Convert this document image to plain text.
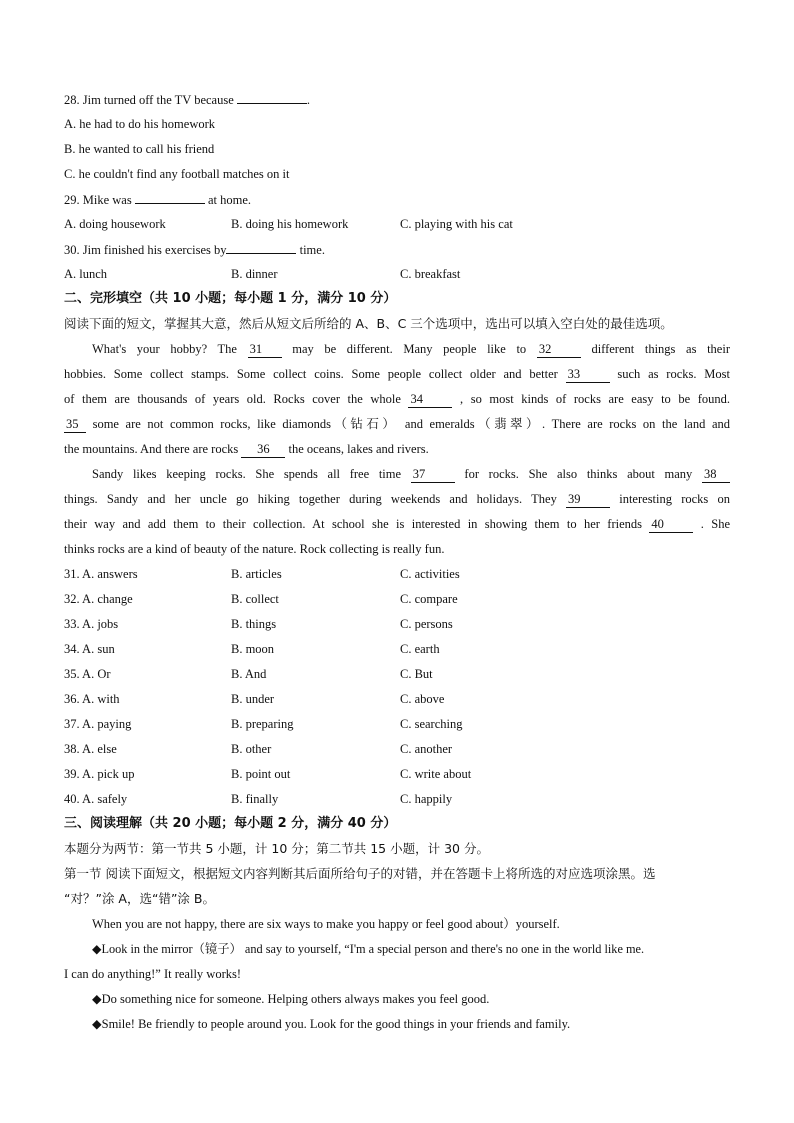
28. Jim turned off the TV because	.
A. he had to do his homework
B. he wanted to call his friend
C. he couldn't find any football matches on it
29. Mike was	at home.
A. doing housework	B. doing his homework	C. playing with his cat
30. Jim finished his exercises by	time.
A. lunch	B. dinner	C. breakfast
二、完形填空（共 10 小题；每小题 1 分，满分 10 分）
阅读下面的短文，掌握其大意，然后从短文后所给的 A、B、C 三个选项中，选出可以填入空白处的最佳选项。
What's your hobby? The 31 may be different. Many people like to 32 different things as their
hobbies. Some collect stamps. Some collect coins. Some people collect older and better 33 such as rocks. Most
of them are thousands of years old. Rocks cover the whole 34 , so most kinds of rocks are easy to be found.
35 some are not common rocks, like diamonds（钻石） and emeralds（翡翠）. There are rocks on the land and
the mountains. And there are rocks 36 the oceans, lakes and rivers.
Sandy likes keeping rocks. She spends all free time 37 for rocks. She also thinks about many 38
things. Sandy and her uncle go hiking together during weekends and holidays. They 39 interesting rocks on
their way and add them to their collection. At school she is interested in showing them to her friends 40 . She
thinks rocks are a kind of beauty of the nature. Rock collecting is really fun.
31. A. answers	B. articles	C. activities
32. A. change	B. collect	C. compare
33. A. jobs	B. things	C. persons
34. A. sun	B. moon	C. earth
35. A. Or	B. And	C. But
36. A. with	B. under	C. above
37. A. paying	B. preparing	C. searching
38. A. else	B. other	C. another
39. A. pick up	B. point out	C. write about
40. A. safely	B. finally	C. happily
三、阅读理解（共 20 小题；每小题 2 分，满分 40 分）
本题分为两节：第一节共 5 小题，计 10 分；第二节共 15 小题，计 30 分。
第一节 阅读下面短文，根据短文内容判断其后面所给句子的对错，并在答题卡上将所选的对应选项涂黑。选
“对？”涂 A，选“错”涂 B。
When you are not happy, there are six ways to make you happy or feel good about）yourself.
◆Look in the mirror（镜子） and say to yourself, “I'm a special person and there's no one in the world like me.
I can do anything!” It really works!
◆Do something nice for someone. Helping others always makes you feel good.
◆Smile! Be friendly to people around you. Look for the good things in your friends and family.
